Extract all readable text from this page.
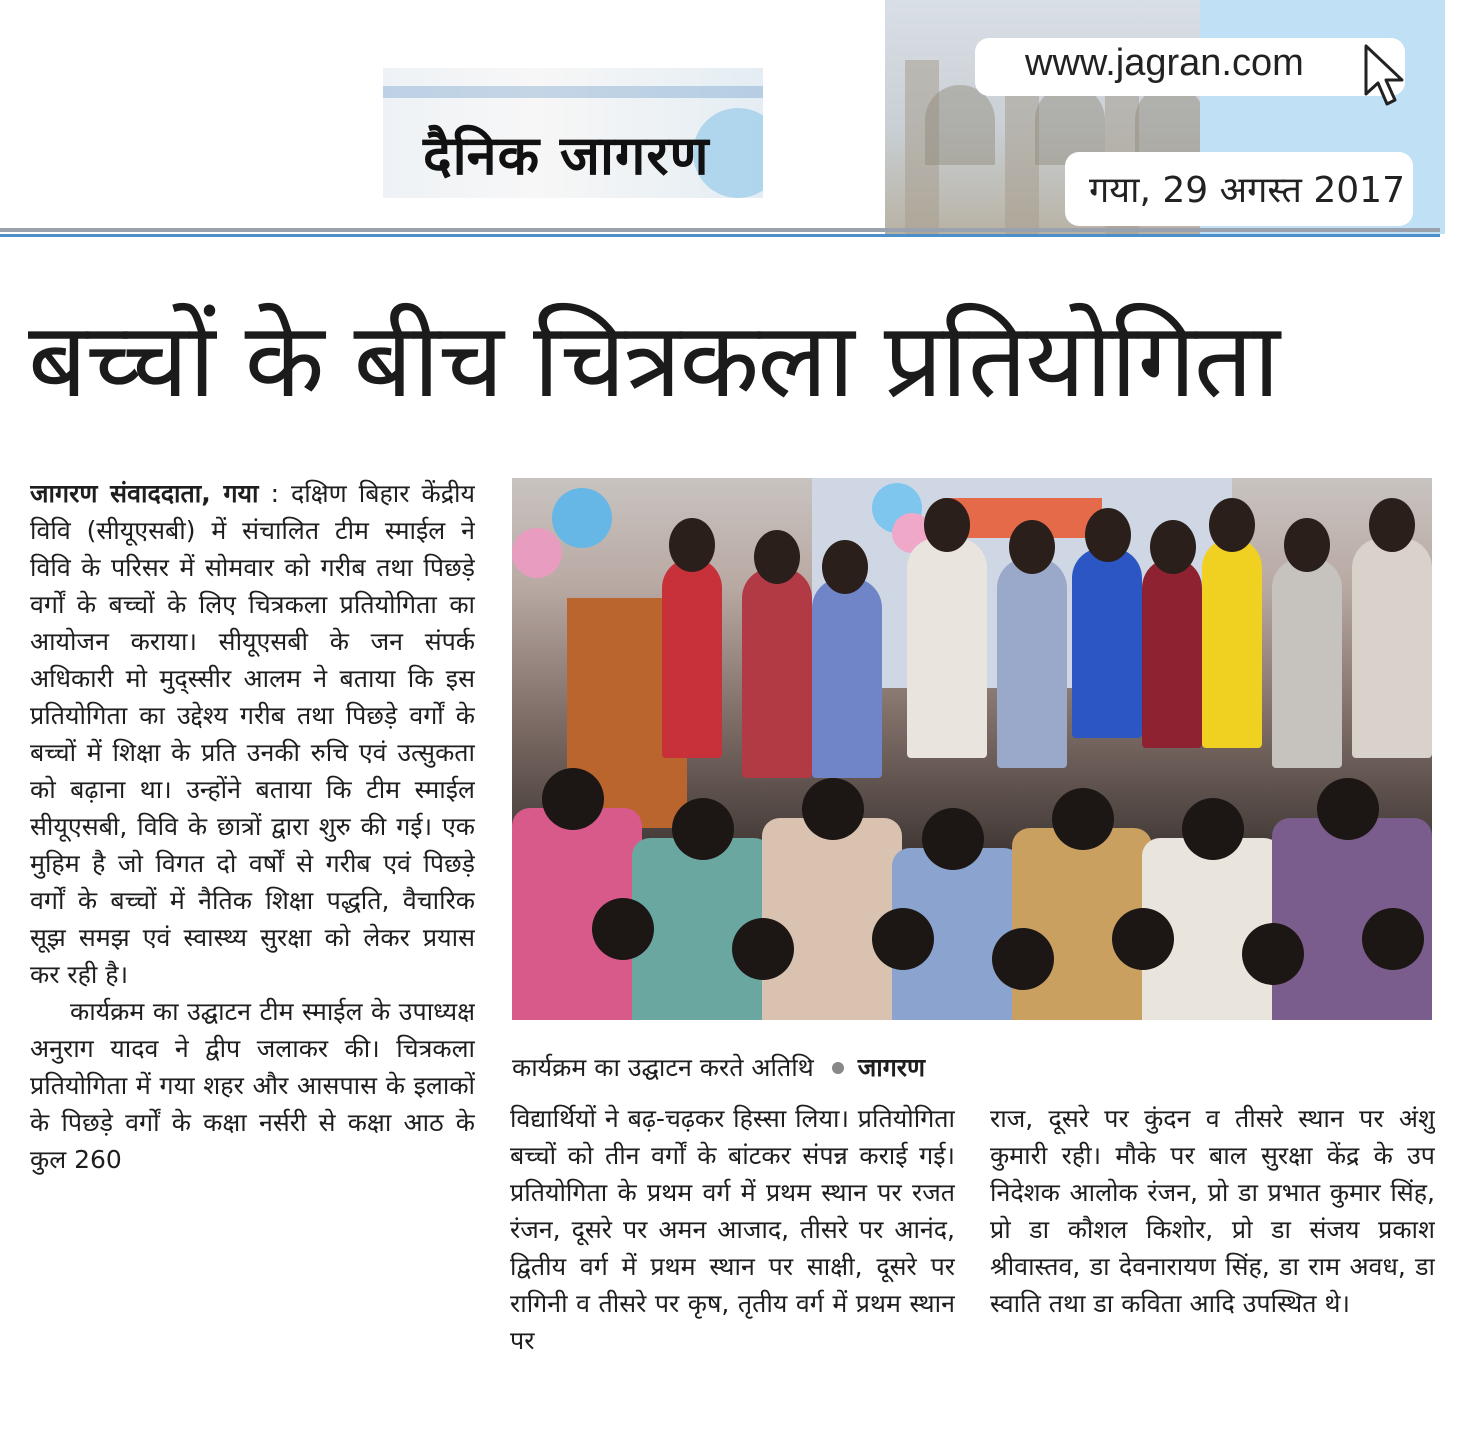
दैनिक जागरण
www.jagran.com
गया, 29 अगस्त 2017
बच्चों के बीच चित्रकला प्रतियोगिता

जागरण संवाददाता, गया : दक्षिण बिहार केंद्रीय विवि (सीयूएसबी) में संचालित टीम स्माईल ने विवि के परिसर में सोमवार को गरीब तथा पिछड़े वर्गों के बच्चों के लिए चित्रकला प्रतियोगिता का आयोजन कराया। सीयूएसबी के जन संपर्क अधिकारी मो मुद्स्सीर आलम ने बताया कि इस प्रतियोगिता का उद्देश्य गरीब तथा पिछड़े वर्गों के बच्चों में शिक्षा के प्रति उनकी रुचि एवं उत्सुकता को बढ़ाना था। उन्होंने बताया कि टीम स्माईल सीयूएसबी, विवि के छात्रों द्वारा शुरु की गई। एक मुहिम है जो विगत दो वर्षों से गरीब एवं पिछड़े वर्गों के बच्चों में नैतिक शिक्षा पद्धति, वैचारिक सूझ समझ एवं स्वास्थ्य सुरक्षा को लेकर प्रयास कर रही है।

कार्यक्रम का उद्घाटन टीम स्माईल के उपाध्यक्ष अनुराग यादव ने द्वीप जलाकर की। चित्रकला प्रतियोगिता में गया शहर और आसपास के इलाकों के पिछड़े वर्गों के कक्षा नर्सरी से कक्षा आठ के कुल 260

कार्यक्रम का उद्घाटन करते अतिथि जागरण

विद्यार्थियों ने बढ़-चढ़कर हिस्सा लिया। प्रतियोगिता बच्चों को तीन वर्गों के बांटकर संपन्न कराई गई। प्रतियोगिता के प्रथम वर्ग में प्रथम स्थान पर रजत रंजन, दूसरे पर अमन आजाद, तीसरे पर आनंद, द्वितीय वर्ग में प्रथम स्थान पर साक्षी, दूसरे पर रागिनी व तीसरे पर कृष, तृतीय वर्ग में प्रथम स्थान पर

राज, दूसरे पर कुंदन व तीसरे स्थान पर अंशु कुमारी रही। मौके पर बाल सुरक्षा केंद्र के उप निदेशक आलोक रंजन, प्रो डा प्रभात कुमार सिंह, प्रो डा कौशल किशोर, प्रो डा संजय प्रकाश श्रीवास्तव, डा देवनारायण सिंह, डा राम अवध, डा स्वाति तथा डा कविता आदि उपस्थित थे।
